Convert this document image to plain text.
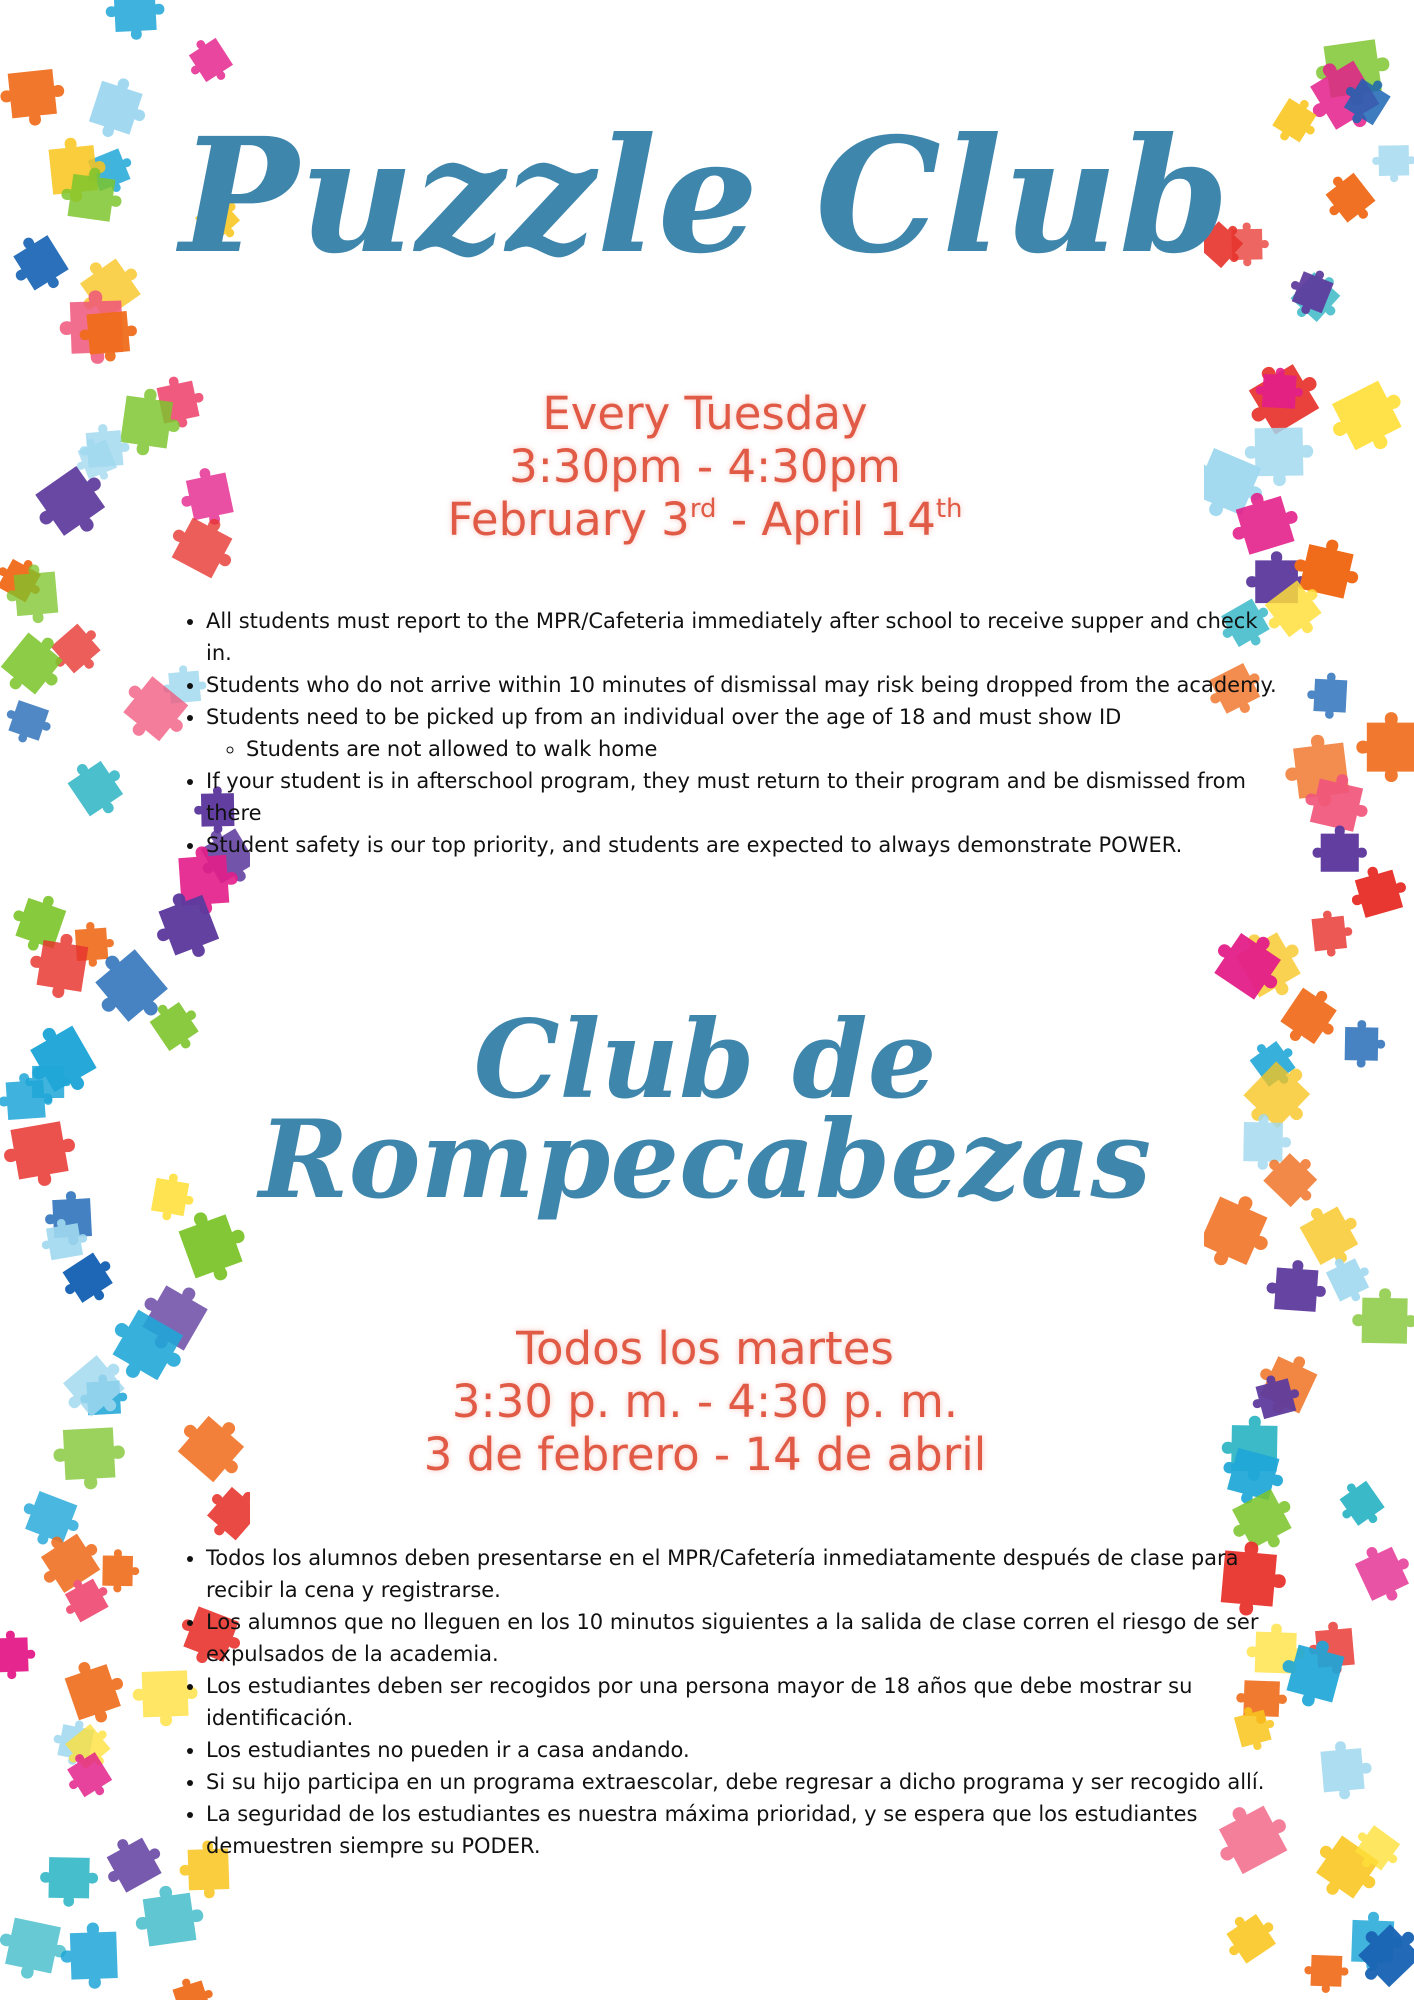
Puzzle Club
Every Tuesday
3:30pm - 4:30pm
February 3rd - April 14th
• All students must report to the MPR/Cafeteria immediately after school to receive supper and check in.
• Students who do not arrive within 10 minutes of dismissal may risk being dropped from the academy.
• Students need to be picked up from an individual over the age of 18 and must show ID
◦ Students are not allowed to walk home
• If your student is in afterschool program, they must return to their program and be dismissed from there
• Student safety is our top priority, and students are expected to always demonstrate POWER.
Club de
Rompecabezas
Todos los martes
3:30 p. m. - 4:30 p. m.
3 de febrero - 14 de abril
• Todos los alumnos deben presentarse en el MPR/Cafetería inmediatamente después de clase para recibir la cena y registrarse.
• Los alumnos que no lleguen en los 10 minutos siguientes a la salida de clase corren el riesgo de ser expulsados de la academia.
• Los estudiantes deben ser recogidos por una persona mayor de 18 años que debe mostrar su identificación.
• Los estudiantes no pueden ir a casa andando.
• Si su hijo participa en un programa extraescolar, debe regresar a dicho programa y ser recogido allí.
• La seguridad de los estudiantes es nuestra máxima prioridad, y se espera que los estudiantes demuestren siempre su PODER.
